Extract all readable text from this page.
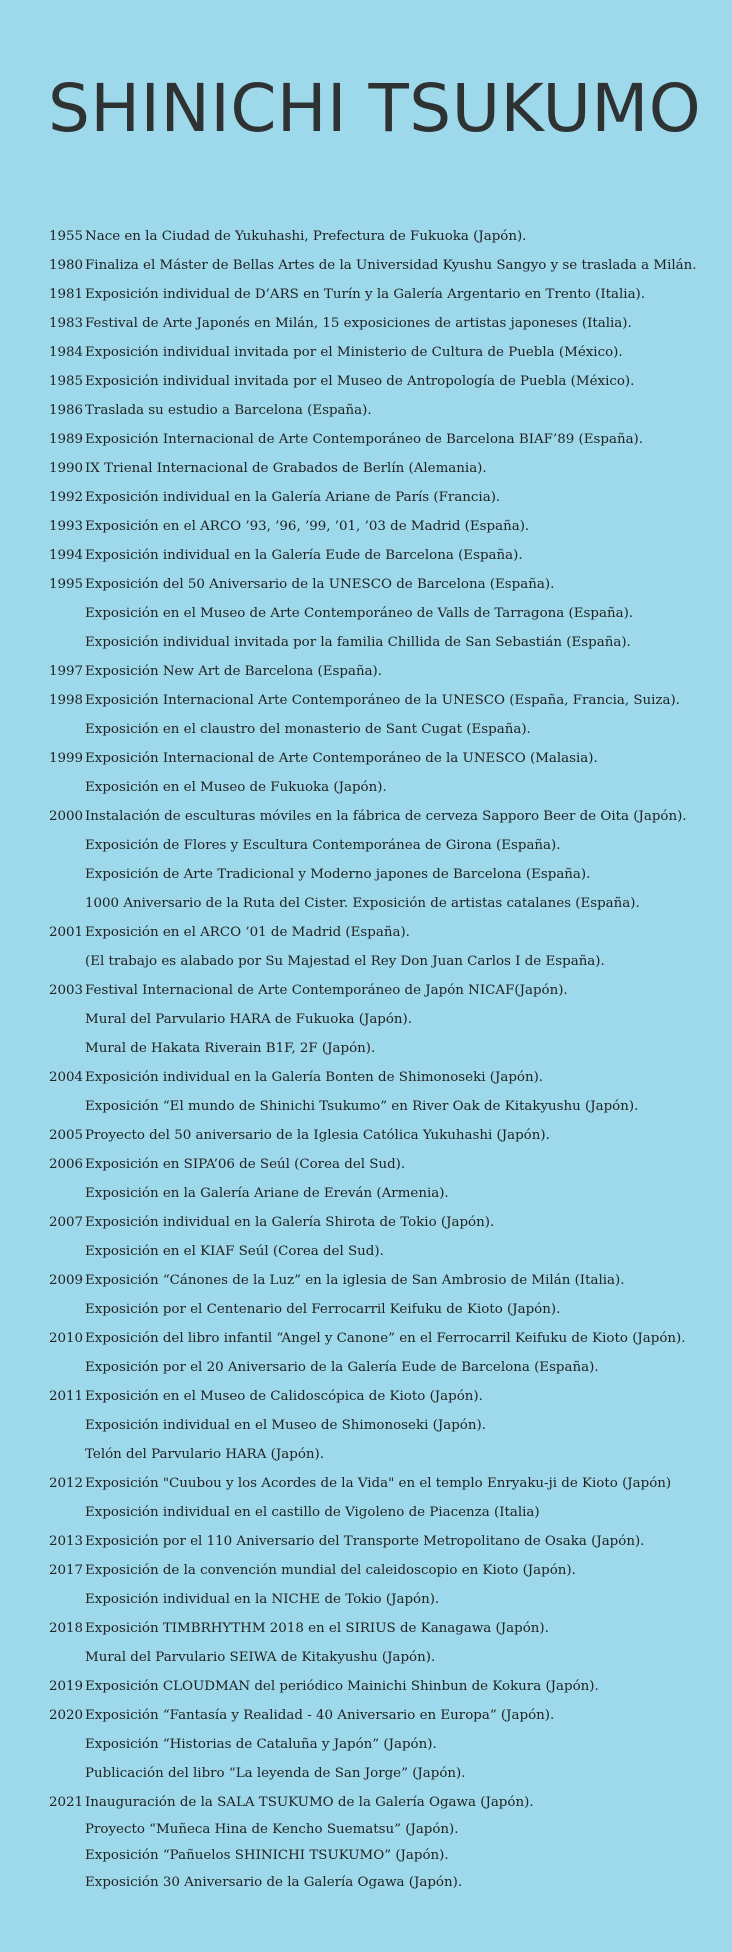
SHINICHI TSUKUMO
1955 Nace en la Ciudad de Yukuhashi, Prefectura de Fukuoka (Japón).
1980 Finaliza el Máster de Bellas Artes de la Universidad Kyushu Sangyo y se traslada a Milán.
1981 Exposición individual de D’ARS en Turín y la Galería Argentario en Trento (Italia).
1983 Festival de Arte Japonés en Milán, 15 exposiciones de artistas japoneses (Italia).
1984 Exposición individual invitada por el Ministerio de Cultura de Puebla (México).
1985 Exposición individual invitada por el Museo de Antropología de Puebla (México).
1986 Traslada su estudio a Barcelona (España).
1989 Exposición Internacional de Arte Contemporáneo de Barcelona BIAF’89 (España).
1990 IX Trienal Internacional de Grabados de Berlín (Alemania).
1992 Exposición individual en la Galería Ariane de París (Francia).
1993 Exposición en el ARCO ’93, ’96, ’99, ’01, ’03 de Madrid (España).
1994 Exposición individual en la Galería Eude de Barcelona (España).
1995 Exposición del 50 Aniversario de la UNESCO de Barcelona (España).
Exposición en el Museo de Arte Contemporáneo de Valls de Tarragona (España).
Exposición individual invitada por la familia Chillida de San Sebastián (España).
1997 Exposición New Art de Barcelona (España).
1998 Exposición Internacional Arte Contemporáneo de la UNESCO (España, Francia, Suiza).
Exposición en el claustro del monasterio de Sant Cugat (España).
1999 Exposición Internacional de Arte Contemporáneo de la UNESCO (Malasia).
Exposición en el Museo de Fukuoka (Japón).
2000 Instalación de esculturas móviles en la fábrica de cerveza Sapporo Beer de Oita (Japón).
Exposición de Flores y Escultura Contemporánea de Girona (España).
Exposición de Arte Tradicional y Moderno japones de Barcelona (España).
1000 Aniversario de la Ruta del Cister. Exposición de artistas catalanes (España).
2001 Exposición en el ARCO ’01 de Madrid (España).
(El trabajo es alabado por Su Majestad el Rey Don Juan Carlos I de España).
2003 Festival Internacional de Arte Contemporáneo de Japón NICAF(Japón).
Mural del Parvulario HARA de Fukuoka (Japón).
Mural de Hakata Riverain B1F, 2F (Japón).
2004 Exposición individual en la Galería Bonten de Shimonoseki (Japón).
Exposición “El mundo de Shinichi Tsukumo” en River Oak de Kitakyushu (Japón).
2005 Proyecto del 50 aniversario de la Iglesia Católica Yukuhashi (Japón).
2006 Exposición en SIPA’06 de Seúl (Corea del Sud).
Exposición en la Galería Ariane de Ereván (Armenia).
2007 Exposición individual en la Galería Shirota de Tokio (Japón).
Exposición en el KIAF Seúl (Corea del Sud).
2009 Exposición “Cánones de la Luz” en la iglesia de San Ambrosio de Milán (Italia).
Exposición por el Centenario del Ferrocarril Keifuku de Kioto (Japón).
2010 Exposición del libro infantil “Angel y Canone” en el Ferrocarril Keifuku de Kioto (Japón).
Exposición por el 20 Aniversario de la Galería Eude de Barcelona (España).
2011 Exposición en el Museo de Calidoscópica de Kioto (Japón).
Exposición individual en el Museo de Shimonoseki (Japón).
Telón del Parvulario HARA (Japón).
2012 Exposición "Cuubou y los Acordes de la Vida" en el templo Enryaku-ji de Kioto (Japón)
Exposición individual en el castillo de Vigoleno de Piacenza (Italia)
2013 Exposición por el 110 Aniversario del Transporte Metropolitano de Osaka (Japón).
2017 Exposición de la convención mundial del caleidoscopio en Kioto (Japón).
Exposición individual en la NICHE de Tokio (Japón).
2018 Exposición TIMBRHYTHM 2018 en el SIRIUS de Kanagawa (Japón).
Mural del Parvulario SEIWA de Kitakyushu (Japón).
2019 Exposición CLOUDMAN del periódico Mainichi Shinbun de Kokura (Japón).
2020 Exposición “Fantasía y Realidad - 40 Aniversario en Europa” (Japón).
Exposición “Historias de Cataluña y Japón” (Japón).
Publicación del libro “La leyenda de San Jorge” (Japón).
2021 Inauguración de la SALA TSUKUMO de la Galería Ogawa (Japón).
Proyecto “Muñeca Hina de Kencho Suematsu” (Japón).
Exposición “Pañuelos SHINICHI TSUKUMO” (Japón).
Exposición 30 Aniversario de la Galería Ogawa (Japón).
